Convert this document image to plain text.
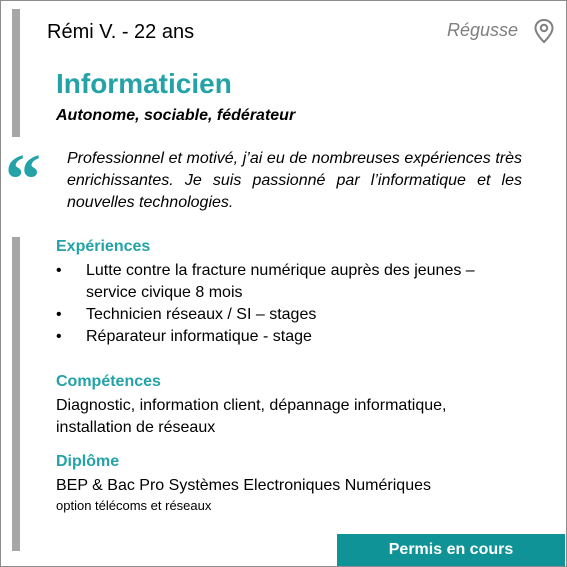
Rémi V. - 22 ans	Régusse
Informaticien
Autonome, sociable, fédérateur
“ Professionnel et motivé, j’ai eu de nombreuses expériences très enrichissantes. Je suis passionné par l’informatique et les nouvelles technologies.
Expériences
• Lutte contre la fracture numérique auprès des jeunes – service civique 8 mois
• Technicien réseaux / SI – stages
• Réparateur informatique - stage
Compétences
Diagnostic, information client, dépannage informatique, installation de réseaux
Diplôme
BEP & Bac Pro Systèmes Electroniques Numériques
option télécoms et réseaux
Permis en cours
